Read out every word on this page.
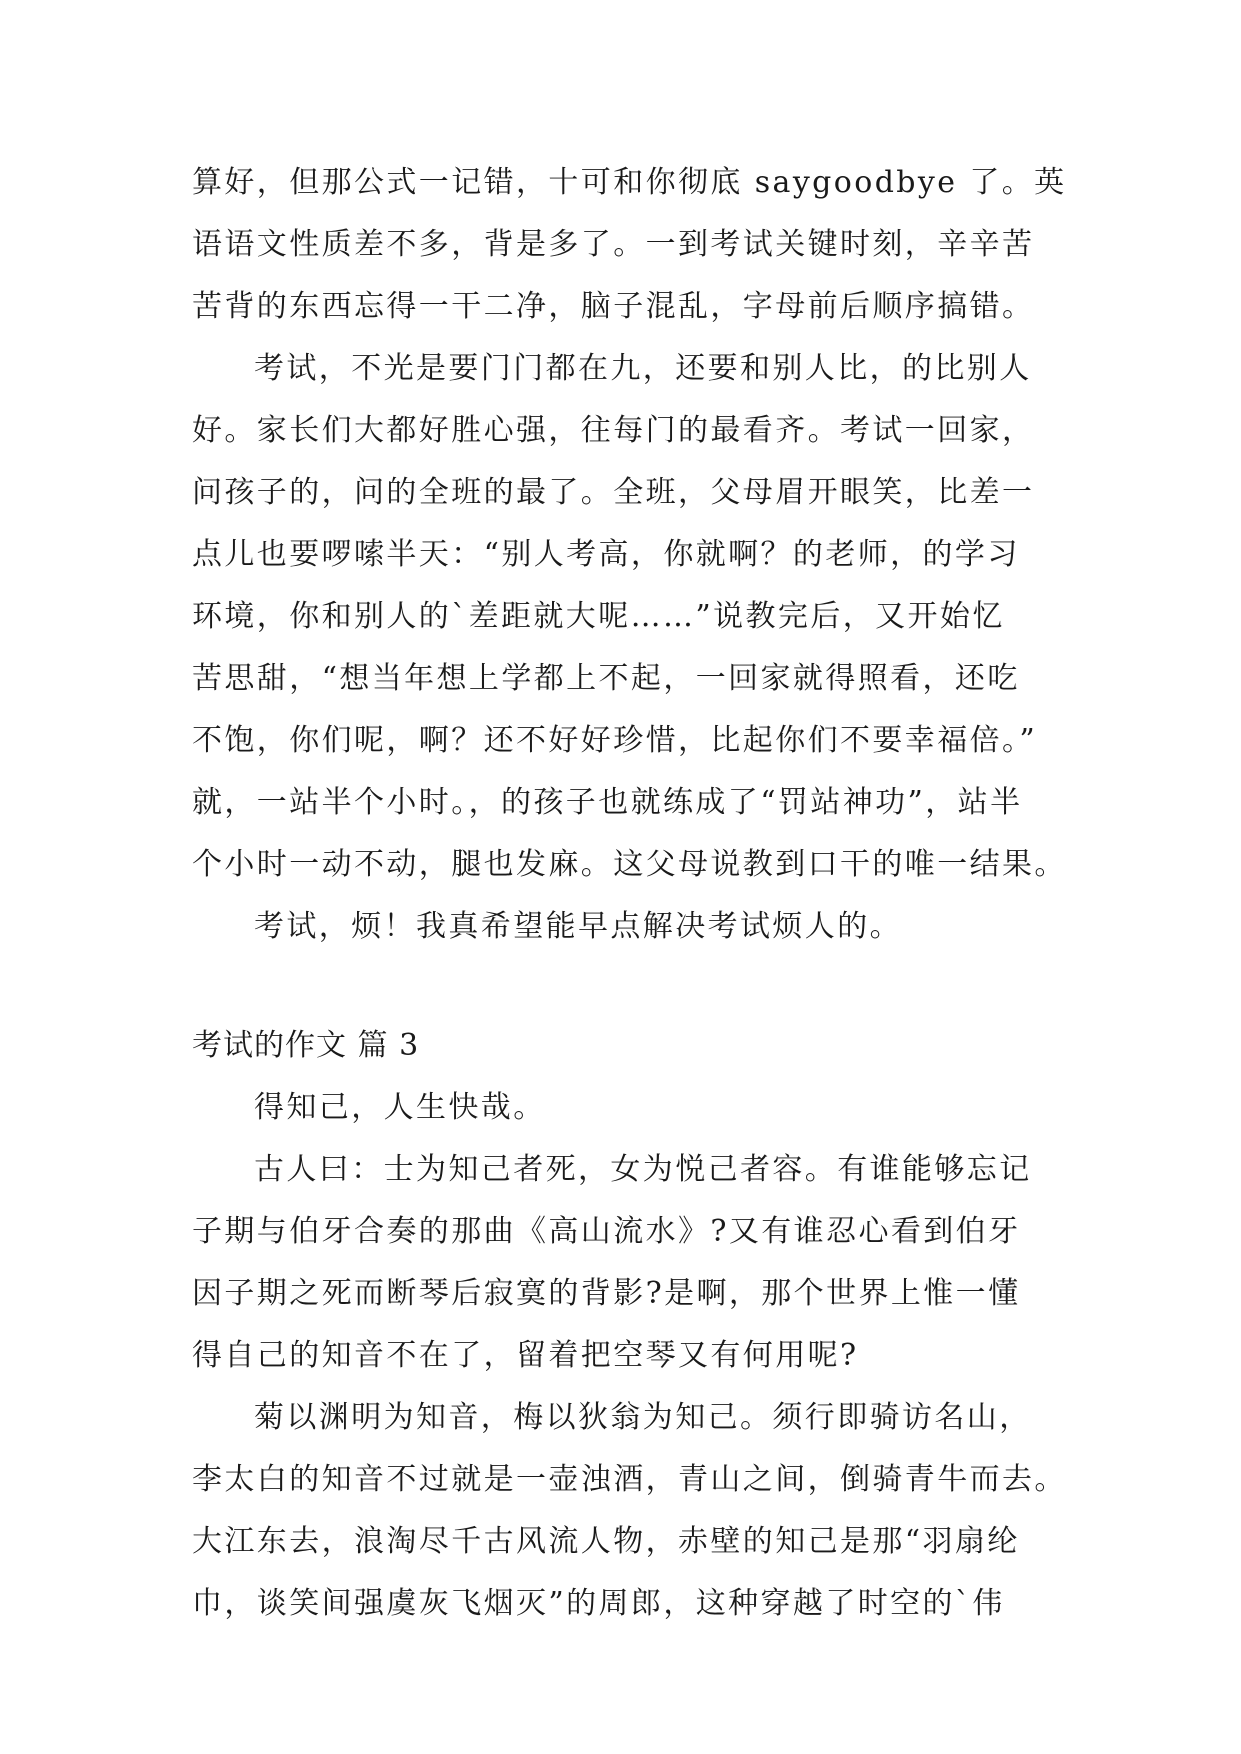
算好，但那公式一记错，十可和你彻底 saygoodbye 了。英
语语文性质差不多，背是多了。一到考试关键时刻，辛辛苦
苦背的东西忘得一干二净，脑子混乱，字母前后顺序搞错。
考试，不光是要门门都在九，还要和别人比，的比别人
好。家长们大都好胜心强，往每门的最看齐。考试一回家，
问孩子的，问的全班的最了。全班，父母眉开眼笑，比差一
点儿也要啰嗦半天：“别人考高，你就啊？的老师，的学习
环境，你和别人的`差距就大呢……”说教完后，又开始忆
苦思甜，“想当年想上学都上不起，一回家就得照看，还吃
不饱，你们呢，啊？还不好好珍惜，比起你们不要幸福倍。”
就，一站半个小时。，的孩子也就练成了“罚站神功”，站半
个小时一动不动，腿也发麻。这父母说教到口干的唯一结果。
考试，烦！我真希望能早点解决考试烦人的。
考试的作文 篇 3
得知己，人生快哉。
古人曰：士为知己者死，女为悦己者容。有谁能够忘记
子期与伯牙合奏的那曲《高山流水》?又有谁忍心看到伯牙
因子期之死而断琴后寂寞的背影?是啊，那个世界上惟一懂
得自己的知音不在了，留着把空琴又有何用呢?
菊以渊明为知音，梅以狄翁为知己。须行即骑访名山，
李太白的知音不过就是一壶浊酒，青山之间，倒骑青牛而去。
大江东去，浪淘尽千古风流人物，赤壁的知己是那“羽扇纶
巾，谈笑间强虞灰飞烟灭”的周郎，这种穿越了时空的`伟
